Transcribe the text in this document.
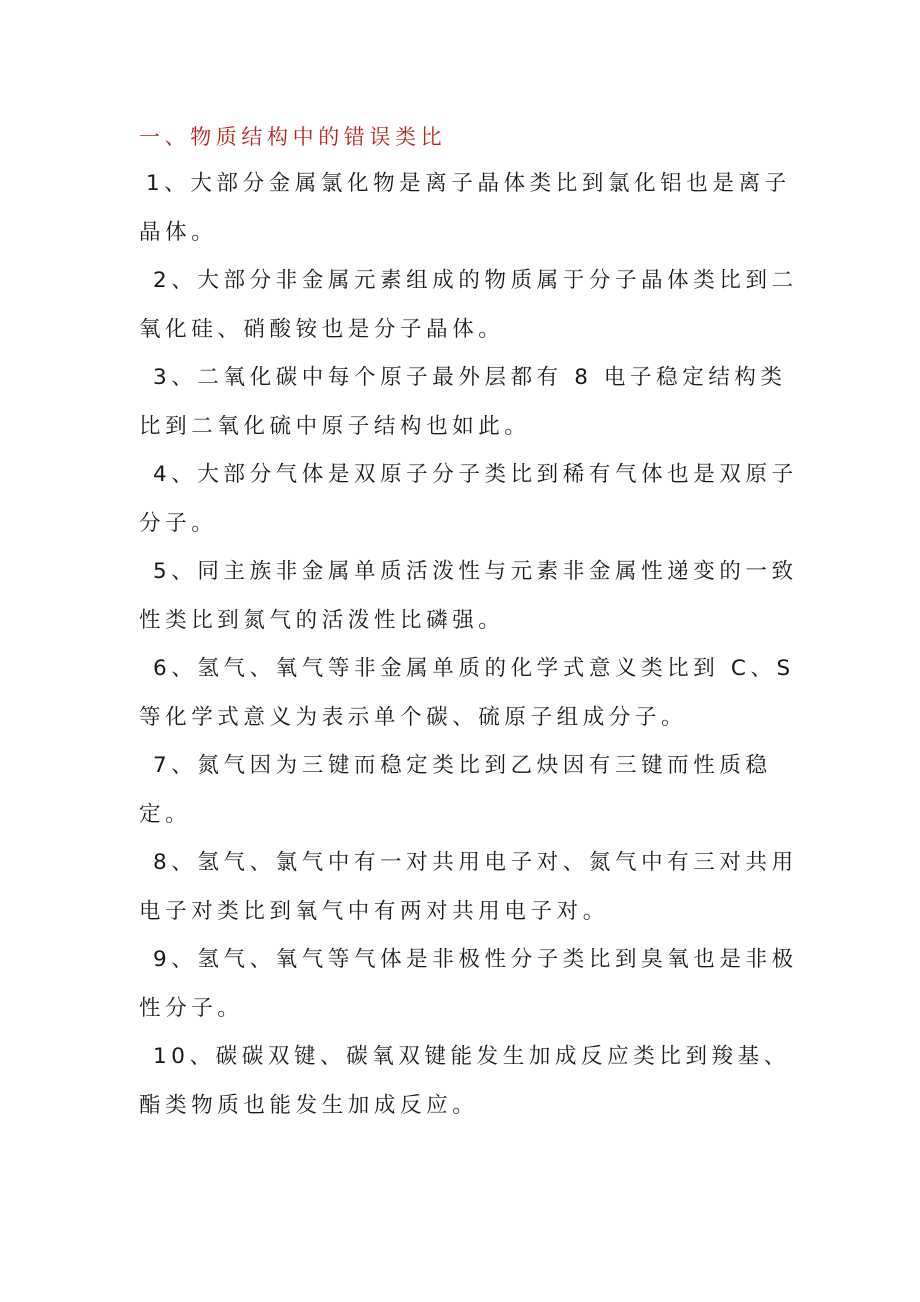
一、物质结构中的错误类比

1、大部分金属氯化物是离子晶体类比到氯化铝也是离子晶体。

2、大部分非金属元素组成的物质属于分子晶体类比到二氧化硅、硝酸铵也是分子晶体。

3、二氧化碳中每个原子最外层都有 8 电子稳定结构类比到二氧化硫中原子结构也如此。

4、大部分气体是双原子分子类比到稀有气体也是双原子分子。

5、同主族非金属单质活泼性与元素非金属性递变的一致性类比到氮气的活泼性比磷强。

6、氢气、氧气等非金属单质的化学式意义类比到 C、S 等化学式意义为表示单个碳、硫原子组成分子。

7、氮气因为三键而稳定类比到乙炔因有三键而性质稳定。

8、氢气、氯气中有一对共用电子对、氮气中有三对共用电子对类比到氧气中有两对共用电子对。

9、氢气、氧气等气体是非极性分子类比到臭氧也是非极性分子。

10、碳碳双键、碳氧双键能发生加成反应类比到羧基、酯类物质也能发生加成反应。
